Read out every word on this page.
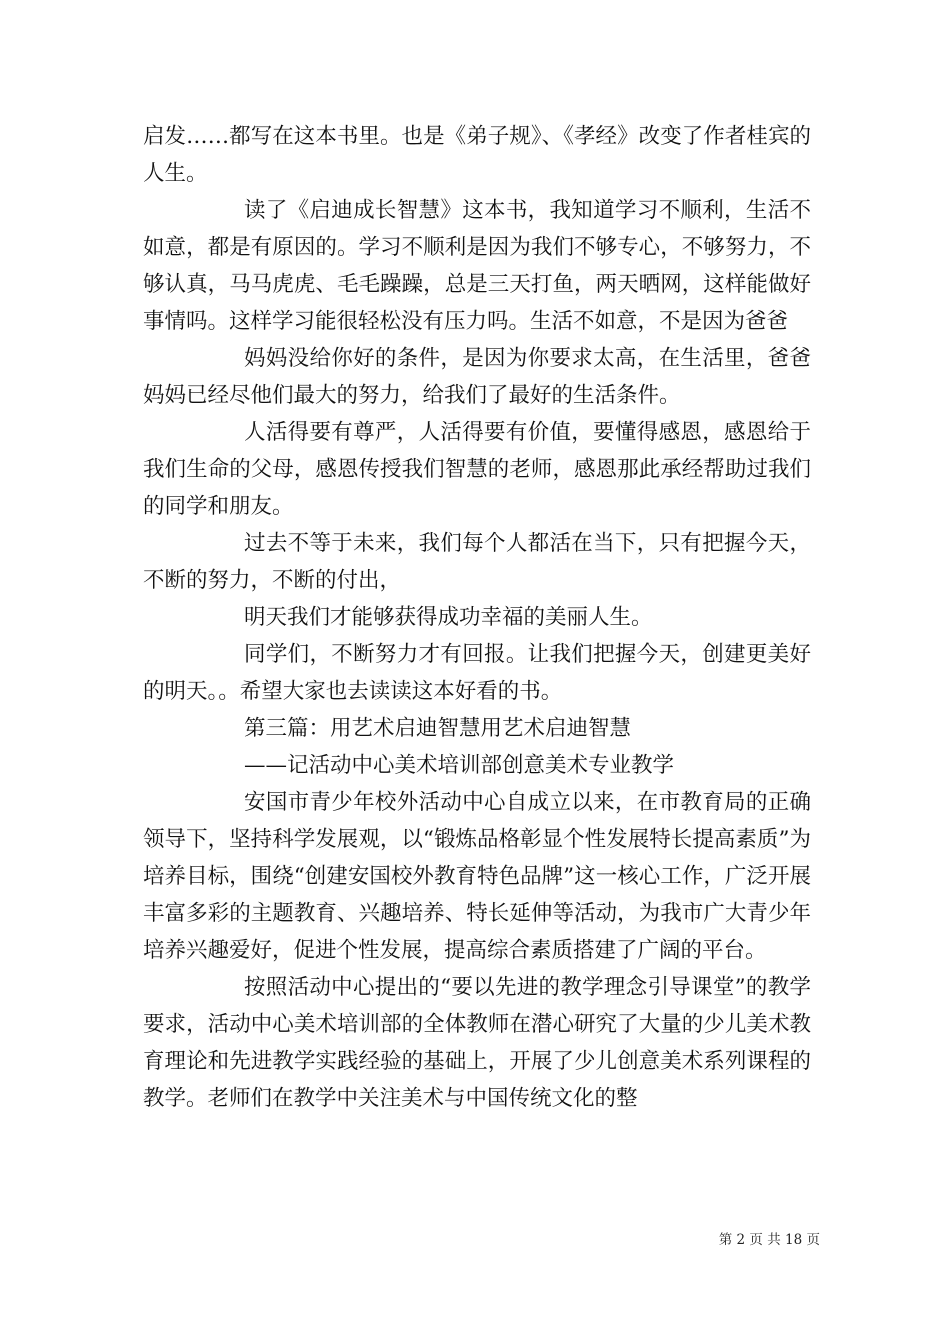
启发……都写在这本书里。也是《弟子规》、《孝经》改变了作者桂宾的人生。

读了《启迪成长智慧》这本书，我知道学习不顺利，生活不如意，都是有原因的。学习不顺利是因为我们不够专心，不够努力，不够认真，马马虎虎、毛毛躁躁，总是三天打鱼，两天晒网，这样能做好事情吗。这样学习能很轻松没有压力吗。生活不如意，不是因为爸爸

妈妈没给你好的条件，是因为你要求太高，在生活里，爸爸妈妈已经尽他们最大的努力，给我们了最好的生活条件。

人活得要有尊严，人活得要有价值，要懂得感恩，感恩给于我们生命的父母，感恩传授我们智慧的老师，感恩那此承经帮助过我们的同学和朋友。

过去不等于未来，我们每个人都活在当下，只有把握今天，不断的努力，不断的付出，

明天我们才能够获得成功幸福的美丽人生。

同学们，不断努力才有回报。让我们把握今天，创建更美好的明天。。希望大家也去读读这本好看的书。

第三篇：用艺术启迪智慧用艺术启迪智慧

——记活动中心美术培训部创意美术专业教学

安国市青少年校外活动中心自成立以来，在市教育局的正确领导下，坚持科学发展观，以“锻炼品格彰显个性发展特长提高素质”为培养目标，围绕“创建安国校外教育特色品牌”这一核心工作，广泛开展丰富多彩的主题教育、兴趣培养、特长延伸等活动，为我市广大青少年培养兴趣爱好，促进个性发展，提高综合素质搭建了广阔的平台。

按照活动中心提出的“要以先进的教学理念引导课堂”的教学要求，活动中心美术培训部的全体教师在潜心研究了大量的少儿美术教育理论和先进教学实践经验的基础上，开展了少儿创意美术系列课程的教学。老师们在教学中关注美术与中国传统文化的整

第 2 页 共 18 页
